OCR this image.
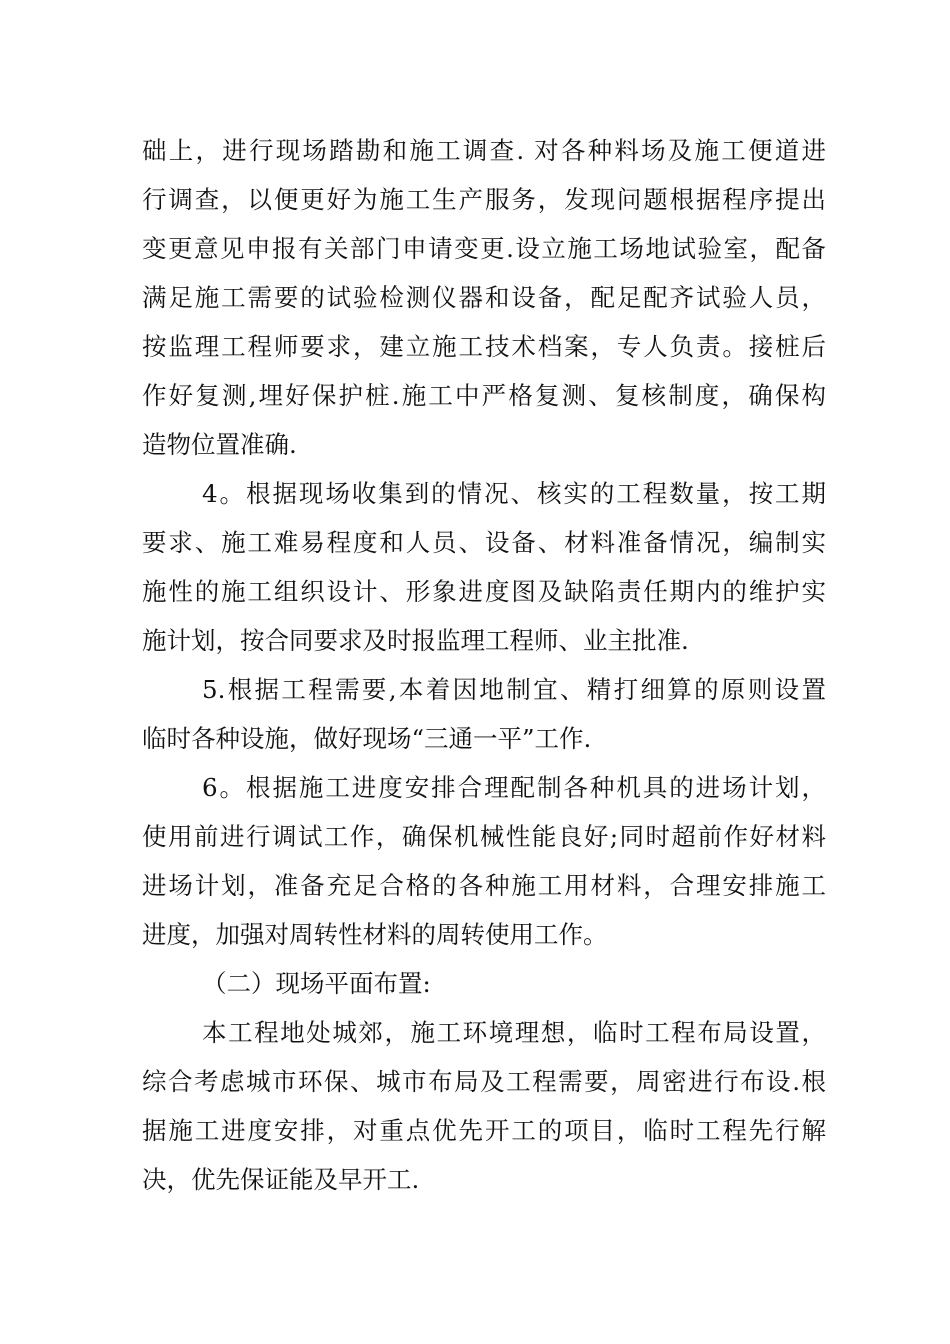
础上，进行现场踏勘和施工调查. 对各种料场及施工便道进
行调查，以便更好为施工生产服务，发现问题根据程序提出
变更意见申报有关部门申请变更.设立施工场地试验室，配备
满足施工需要的试验检测仪器和设备，配足配齐试验人员，
按监理工程师要求，建立施工技术档案，专人负责。接桩后
作好复测,埋好保护桩.施工中严格复测、复核制度，确保构
造物位置准确.
4。根据现场收集到的情况、核实的工程数量，按工期
要求、施工难易程度和人员、设备、材料准备情况，编制实
施性的施工组织设计、形象进度图及缺陷责任期内的维护实
施计划，按合同要求及时报监理工程师、业主批准.
5.根据工程需要,本着因地制宜、精打细算的原则设置
临时各种设施，做好现场“三通一平”工作.
6。根据施工进度安排合理配制各种机具的进场计划，
使用前进行调试工作，确保机械性能良好;同时超前作好材料
进场计划，准备充足合格的各种施工用材料，合理安排施工
进度，加强对周转性材料的周转使用工作。
（二）现场平面布置:
本工程地处城郊，施工环境理想，临时工程布局设置，
综合考虑城市环保、城市布局及工程需要，周密进行布设.根
据施工进度安排，对重点优先开工的项目，临时工程先行解
决，优先保证能及早开工.
